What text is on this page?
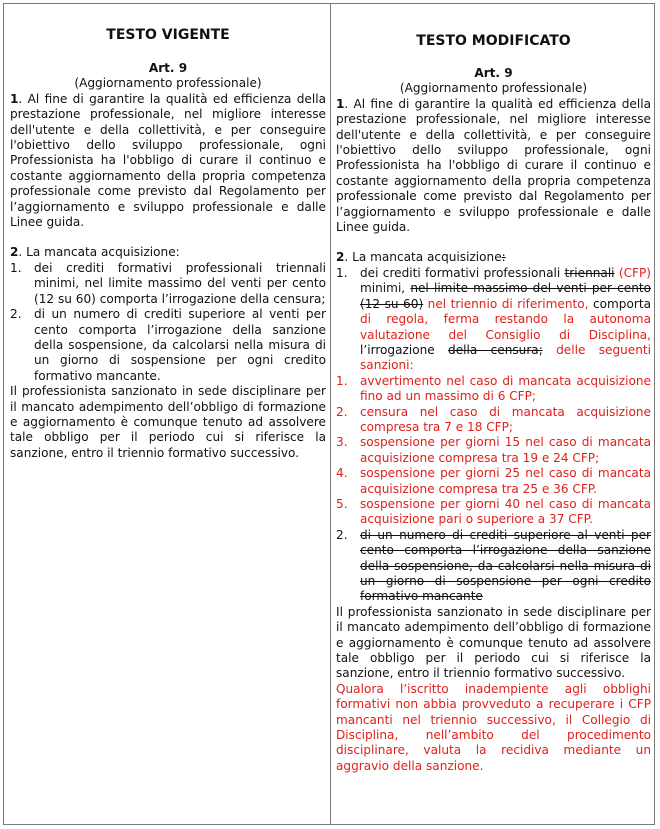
TESTO VIGENTE
Art. 9
(Aggiornamento professionale)
1. Al fine di garantire la qualità ed efficienza della prestazione professionale, nel migliore interesse dell'utente e della collettività, e per conseguire l'obiettivo dello sviluppo professionale, ogni Professionista ha l'obbligo di curare il continuo e costante aggiornamento della propria competenza professionale come previsto dal Regolamento per l’aggiornamento e sviluppo professionale e dalle Linee guida.
2. La mancata acquisizione:
1.	dei crediti formativi professionali triennali minimi, nel limite massimo del venti per cento (12 su 60) comporta l’irrogazione della censura;
2.	di un numero di crediti superiore al venti per cento comporta l’irrogazione della sanzione della sospensione, da calcolarsi nella misura di un giorno di sospensione per ogni credito formativo mancante.
Il professionista sanzionato in sede disciplinare per il mancato adempimento dell’obbligo di formazione e aggiornamento è comunque tenuto ad assolvere tale obbligo per il periodo cui si riferisce la sanzione, entro il triennio formativo successivo.
TESTO MODIFICATO
Art. 9
(Aggiornamento professionale)
1. Al fine di garantire la qualità ed efficienza della prestazione professionale, nel migliore interesse dell'utente e della collettività, e per conseguire l'obiettivo dello sviluppo professionale, ogni Professionista ha l'obbligo di curare il continuo e costante aggiornamento della propria competenza professionale come previsto dal Regolamento per l’aggiornamento e sviluppo professionale e dalle Linee guida.
2. La mancata acquisizione:
1.	dei crediti formativi professionali triennali (CFP) minimi, nel limite massimo del venti per cento (12 su 60) nel triennio di riferimento, comporta di regola, ferma restando la autonoma valutazione del Consiglio di Disciplina, l’irrogazione della censura; delle seguenti sanzioni:
1.	avvertimento nel caso di mancata acquisizione fino ad un massimo di 6 CFP;
2.	censura nel caso di mancata acquisizione compresa tra 7 e 18 CFP;
3.	sospensione per giorni 15 nel caso di mancata acquisizione compresa tra 19 e 24 CFP;
4.	sospensione per giorni 25 nel caso di mancata acquisizione compresa tra 25 e 36 CFP.
5.	sospensione per giorni 40 nel caso di mancata acquisizione pari o superiore a 37 CFP.
2.	di un numero di crediti superiore al venti per cento comporta l’irrogazione della sanzione della sospensione, da calcolarsi nella misura di un giorno di sospensione per ogni credito formativo mancante
Il professionista sanzionato in sede disciplinare per il mancato adempimento dell’obbligo di formazione e aggiornamento è comunque tenuto ad assolvere tale obbligo per il periodo cui si riferisce la sanzione, entro il triennio formativo successivo.
Qualora l’iscritto inadempiente agli obblighi formativi non abbia provveduto a recuperare i CFP mancanti nel triennio successivo, il Collegio di Disciplina, nell’ambito del procedimento disciplinare, valuta la recidiva mediante un aggravio della sanzione.
